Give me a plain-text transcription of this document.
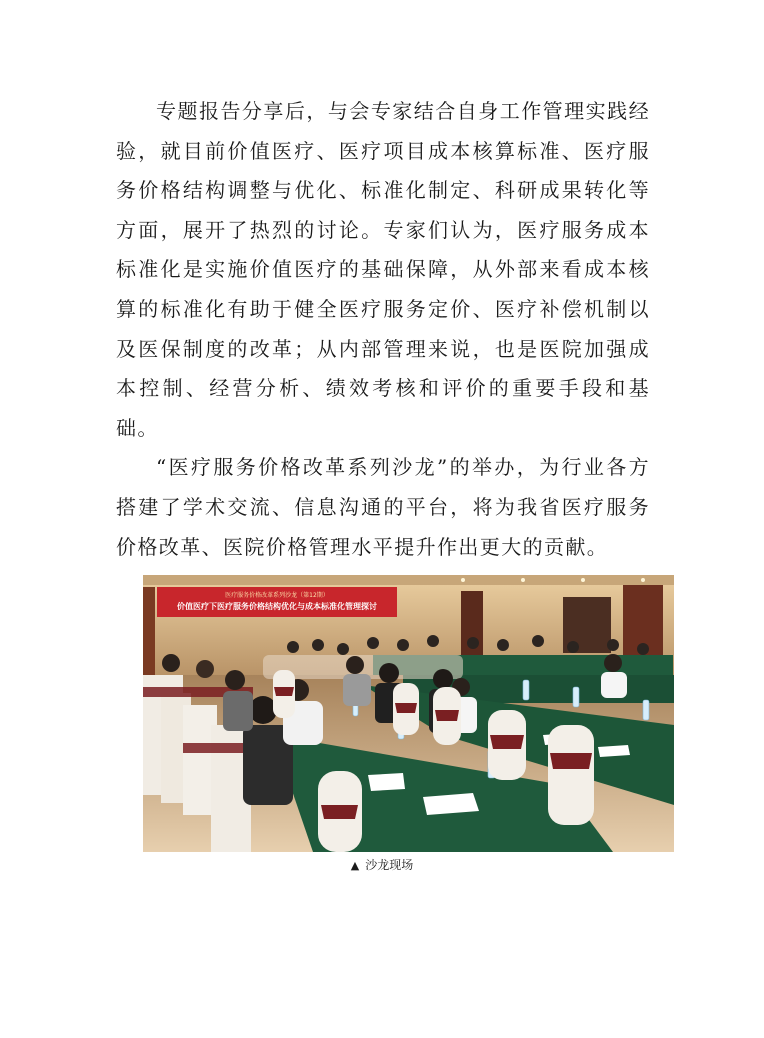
专题报告分享后，与会专家结合自身工作管理实践经验，就目前价值医疗、医疗项目成本核算标准、医疗服务价格结构调整与优化、标准化制定、科研成果转化等方面，展开了热烈的讨论。专家们认为，医疗服务成本标准化是实施价值医疗的基础保障，从外部来看成本核算的标准化有助于健全医疗服务定价、医疗补偿机制以及医保制度的改革；从内部管理来说，也是医院加强成本控制、经营分析、绩效考核和评价的重要手段和基础。

“医疗服务价格改革系列沙龙”的举办，为行业各方搭建了学术交流、信息沟通的平台，将为我省医疗服务价格改革、医院价格管理水平提升作出更大的贡献。

医疗服务价格改革系列沙龙（第12期）
价值医疗下医疗服务价格结构优化与成本标准化管理探讨
▲ 沙龙现场
